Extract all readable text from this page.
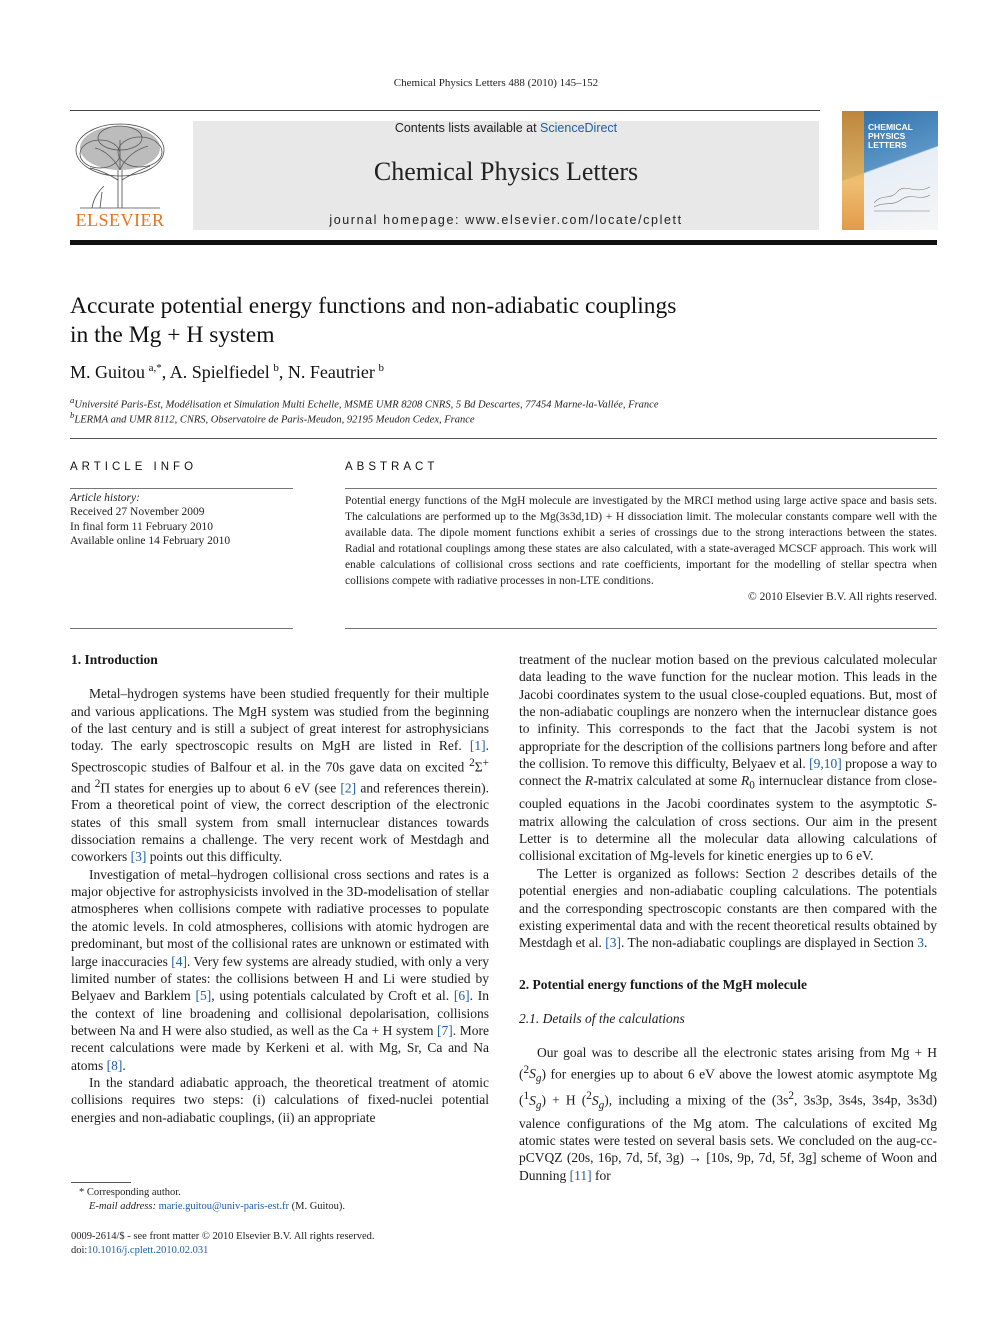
Chemical Physics Letters 488 (2010) 145–152
ELSEVIER
Contents lists available at ScienceDirect
Chemical Physics Letters
journal homepage: www.elsevier.com/locate/cplett
CHEMICAL PHYSICS LETTERS
Accurate potential energy functions and non-adiabatic couplings
in the Mg + H system
M. Guitou  $^{a,*}$, A. Spielfiedel  $^b$, N. Feautrier  $^b$
$^a$Université Paris-Est, Modélisation et Simulation Multi Echelle, MSME UMR 8208 CNRS, 5 Bd Descartes, 77454 Marne-la-Vallée, France
$^b$LERMA and UMR 8112, CNRS, Observatoire de Paris-Meudon, 92195 Meudon Cedex, France
ARTICLE INFO
Article history:
Received 27 November 2009
In final form 11 February 2010
Available online 14 February 2010
ABSTRACT
Potential energy functions of the MgH molecule are investigated by the MRCI method using large active space and basis sets. The calculations are performed up to the Mg(3s3d,1D) + H dissociation limit. The molecular constants compare well with the available data. The dipole moment functions exhibit a series of crossings due to the strong interactions between the states. Radial and rotational couplings among these states are also calculated, with a state-averaged MCSCF approach. This work will enable calculations of collisional cross sections and rate coefficients, important for the modelling of stellar spectra when collisions compete with radiative processes in non-LTE conditions.
© 2010 Elsevier B.V. All rights reserved.

1. Introduction

Metal–hydrogen systems have been studied frequently for their multiple and various applications. The MgH system was studied from the beginning of the last century and is still a subject of great interest for astrophysicians today. The early spectroscopic results on MgH are listed in Ref. [1]. Spectroscopic studies of Balfour et al. in the 70s gave data on excited $^2$Σ+ and $^2$Π states for energies up to about 6 eV (see [2] and references therein). From a theoretical point of view, the correct description of the electronic states of this small system from small internuclear distances towards dissociation remains a challenge. The very recent work of Mestdagh and coworkers [3] points out this difficulty.

Investigation of metal–hydrogen collisional cross sections and rates is a major objective for astrophysicists involved in the 3D-modelisation of stellar atmospheres when collisions compete with radiative processes to populate the atomic levels. In cold atmospheres, collisions with atomic hydrogen are predominant, but most of the collisional rates are unknown or estimated with large inaccuracies [4]. Very few systems are already studied, with only a very limited number of states: the collisions between H and Li were studied by Belyaev and Barklem [5], using potentials calculated by Croft et al. [6]. In the context of line broadening and collisional depolarisation, collisions between Na and H were also studied, as well as the Ca + H system [7]. More recent calculations were made by Kerkeni et al. with Mg, Sr, Ca and Na atoms [8].

In the standard adiabatic approach, the theoretical treatment of atomic collisions requires two steps: (i) calculations of fixed-nuclei potential energies and non-adiabatic couplings, (ii) an appropriate

treatment of the nuclear motion based on the previous calculated molecular data leading to the wave function for the nuclear motion. This leads in the Jacobi coordinates system to the usual close-coupled equations. But, most of the non-adiabatic couplings are nonzero when the internuclear distance goes to infinity. This corresponds to the fact that the Jacobi system is not appropriate for the description of the collisions partners long before and after the collision. To remove this difficulty, Belyaev et al. [9,10] propose a way to connect the R-matrix calculated at some $R_0$ internuclear distance from close-coupled equations in the Jacobi coordinates system to the asymptotic S-matrix allowing the calculation of cross sections. Our aim in the present Letter is to determine all the molecular data allowing calculations of collisional excitation of Mg-levels for kinetic energies up to 6 eV.

The Letter is organized as follows: Section 2 describes details of the potential energies and non-adiabatic coupling calculations. The potentials and the corresponding spectroscopic constants are then compared with the existing experimental data and with the recent theoretical results obtained by Mestdagh et al. [3]. The non-adiabatic couplings are displayed in Section 3.

2. Potential energy functions of the MgH molecule

2.1. Details of the calculations

Our goal was to describe all the electronic states arising from Mg + H $(^2S_g)$ for energies up to about 6 eV above the lowest atomic asymptote Mg $(^1S_g) + H$ $(^2S_g)$, including a mixing of the ($3s^2$, 3s3p, 3s4s, 3s4p, 3s3d) valence configurations of the Mg atom. The calculations of excited Mg atomic states were tested on several basis sets. We concluded on the aug-cc-pCVQZ (20s, 16p, 7d, 5f, 3g) → [10s, 9p, 7d, 5f, 3g] scheme of Woon and Dunning [11] for

* Corresponding author.
E-mail address: marie.guitou@univ-paris-est.fr (M. Guitou).
0009-2614/$ - see front matter © 2010 Elsevier B.V. All rights reserved.
doi:10.1016/j.cplett.2010.02.031
